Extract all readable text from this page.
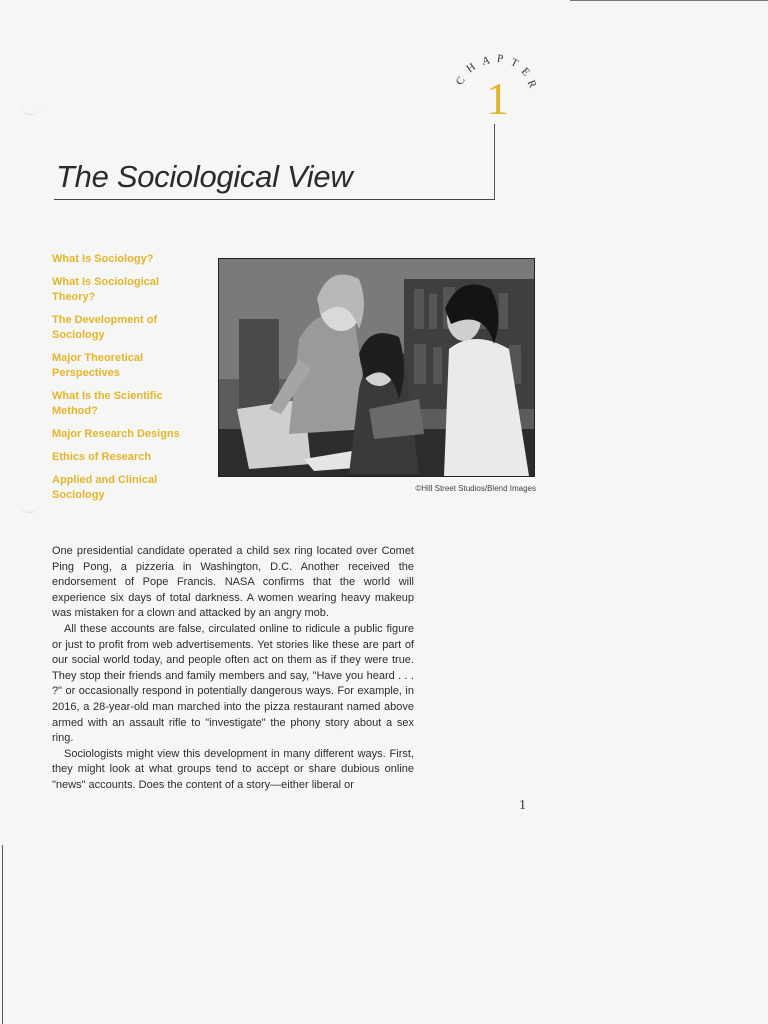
C
H A P T
E
R
1
The Sociological View
What Is Sociology?
What Is Sociological Theory?
The Development of Sociology
Major Theoretical Perspectives
What Is the Scientific Method?
Major Research Designs
Ethics of Research
Applied and Clinical Sociology
©Hill Street Studios/Blend Images

One presidential candidate operated a child sex ring located over Comet Ping Pong, a pizzeria in Washington, D.C. Another received the endorsement of Pope Francis. NASA confirms that the world will experience six days of total darkness. A women wearing heavy makeup was mistaken for a clown and attacked by an angry mob.

All these accounts are false, circulated online to ridicule a public figure or just to profit from web advertisements. Yet stories like these are part of our social world today, and people often act on them as if they were true. They stop their friends and family members and say, "Have you heard . . . ?" or occasionally respond in potentially dangerous ways. For example, in 2016, a 28-year-old man marched into the pizza restaurant named above armed with an assault rifle to "investigate" the phony story about a sex ring.

Sociologists might view this development in many different ways. First, they might look at what groups tend to accept or share dubious online "news" accounts. Does the content of a story—either liberal or

1
